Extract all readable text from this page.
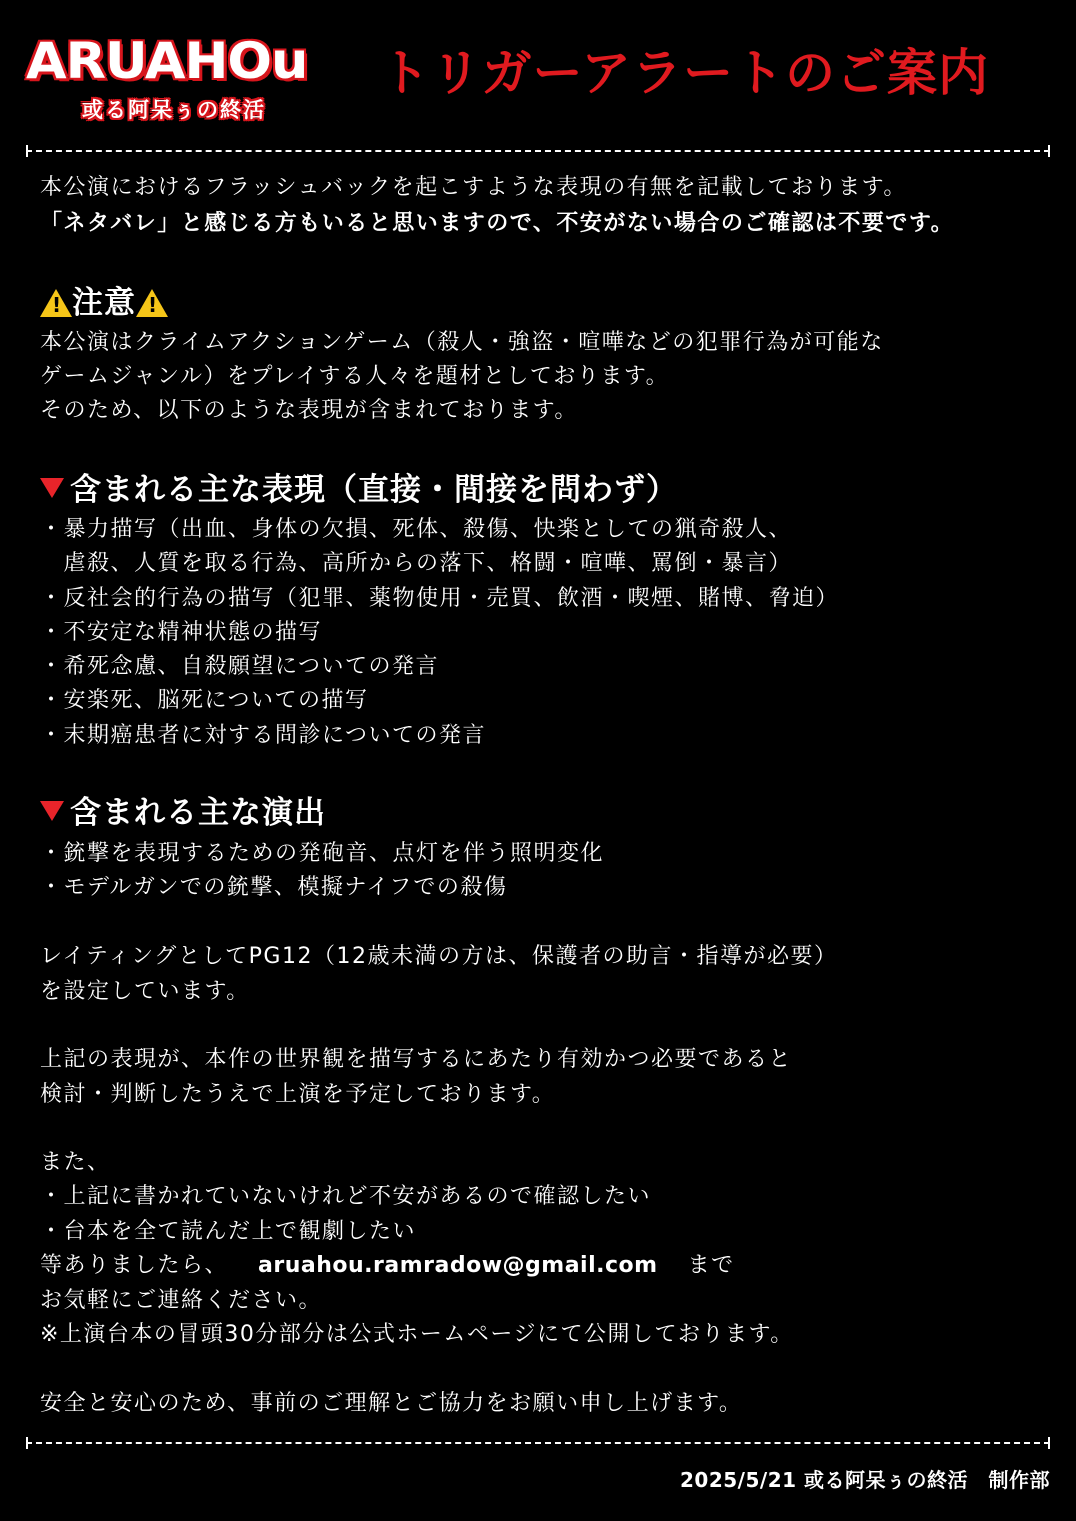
ARUAHOu
或る阿呆ぅの終活
トリガーアラートのご案内
本公演におけるフラッシュバックを起こすような表現の有無を記載しております。
「ネタバレ」と感じる方もいると思いますので、不安がない場合のご確認は不要です。
!注意!
本公演はクライムアクションゲーム（殺人・強盗・喧嘩などの犯罪行為が可能な
ゲームジャンル）をプレイする人々を題材としております。
そのため、以下のような表現が含まれております。
含まれる主な表現（直接・間接を問わず）
・暴力描写（出血、身体の欠損、死体、殺傷、快楽としての猟奇殺人、
　虐殺、人質を取る行為、高所からの落下、格闘・喧嘩、罵倒・暴言）
・反社会的行為の描写（犯罪、薬物使用・売買、飲酒・喫煙、賭博、脅迫）
・不安定な精神状態の描写
・希死念慮、自殺願望についての発言
・安楽死、脳死についての描写
・末期癌患者に対する問診についての発言
含まれる主な演出
・銃撃を表現するための発砲音、点灯を伴う照明変化
・モデルガンでの銃撃、模擬ナイフでの殺傷
レイティングとしてPG12（12歳未満の方は、保護者の助言・指導が必要）
を設定しています。
上記の表現が、本作の世界観を描写するにあたり有効かつ必要であると
検討・判断したうえで上演を予定しております。
また、
・上記に書かれていないけれど不安があるので確認したい
・台本を全て読んだ上で観劇したい
等ありましたら、 aruahou.ramradow@gmail.com まで
お気軽にご連絡ください。
※上演台本の冒頭30分部分は公式ホームページにて公開しております。
安全と安心のため、事前のご理解とご協力をお願い申し上げます。
2025/5/21 或る阿呆ぅの終活　制作部
